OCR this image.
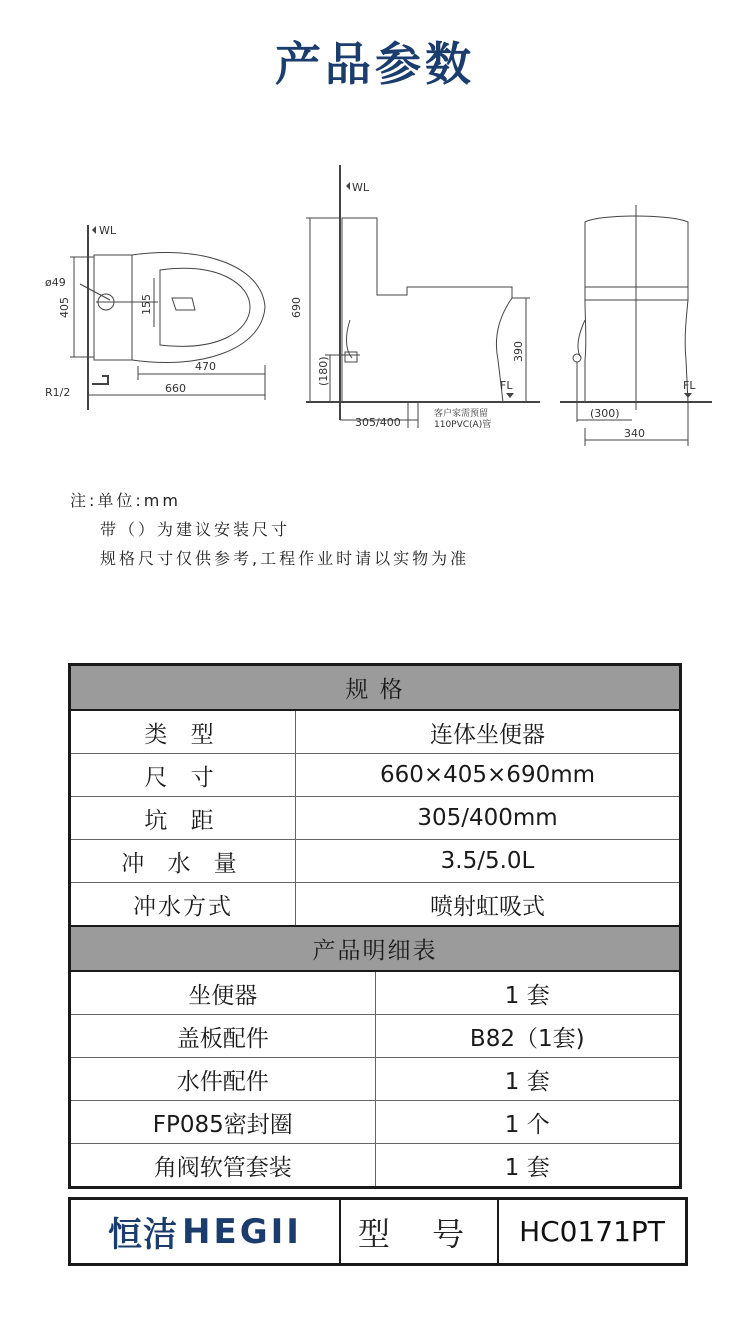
产品参数
WL
ø49
405	155
470
660
R1/2
WL
690
390
(180)	FL
305/400
客户家需预留
110PVC(A)管
FL
(300)
340
注:单位:mm
带（）为建议安装尺寸
规格尺寸仅供参考,工程作业时请以实物为准
规 格
类 型	连体坐便器
尺 寸	660×405×690mm
坑 距	305/400mm
冲 水 量	3.5/5.0L
冲水方式	喷射虹吸式
产品明细表

坐便器	1 套
盖板配件	B82（1套)
水件配件	1 套
FP085密封圈	1 个
角阀软管套装	1 套
恒洁 HEGII	型 号	HC0171PT
